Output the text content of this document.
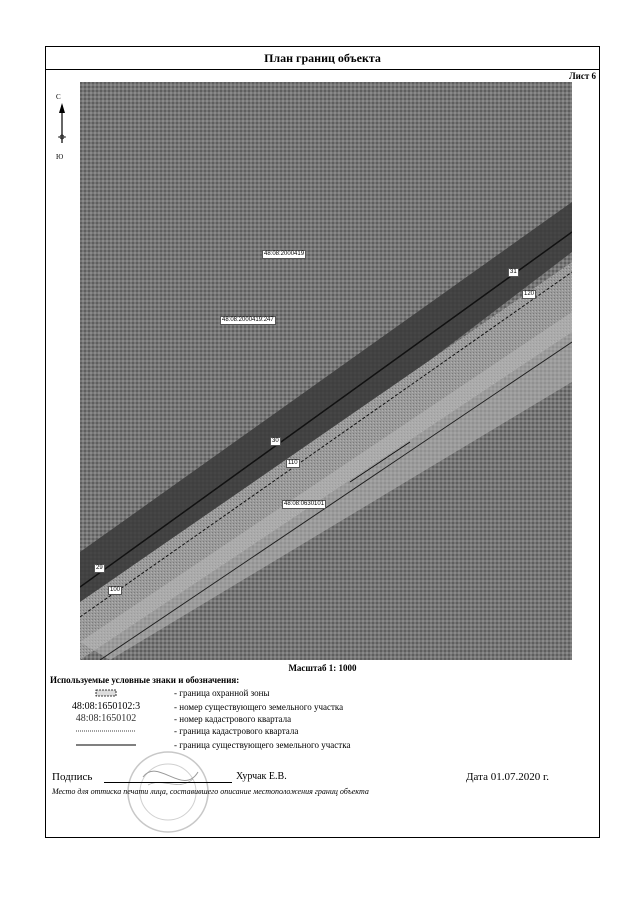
План границ объекта
Лист 6
С
Ю
48:08:2000419
48:08:2000419:247
48:08:0630101
31
120
30
110
29
100
Масштаб 1: 1000
Используемые условные знаки и обозначения:
- граница охранной зоны
48:08:1650102:3	- номер существующего земельного участка
48:08:1650102	- номер кадастрового квартала
- граница кадастрового квартала
- граница существующего земельного участка
Подпись	Хурчак Е.В.	Дата 01.07.2020 г.
Место для оттиска печати лица, составившего описание местоположения границ объекта
